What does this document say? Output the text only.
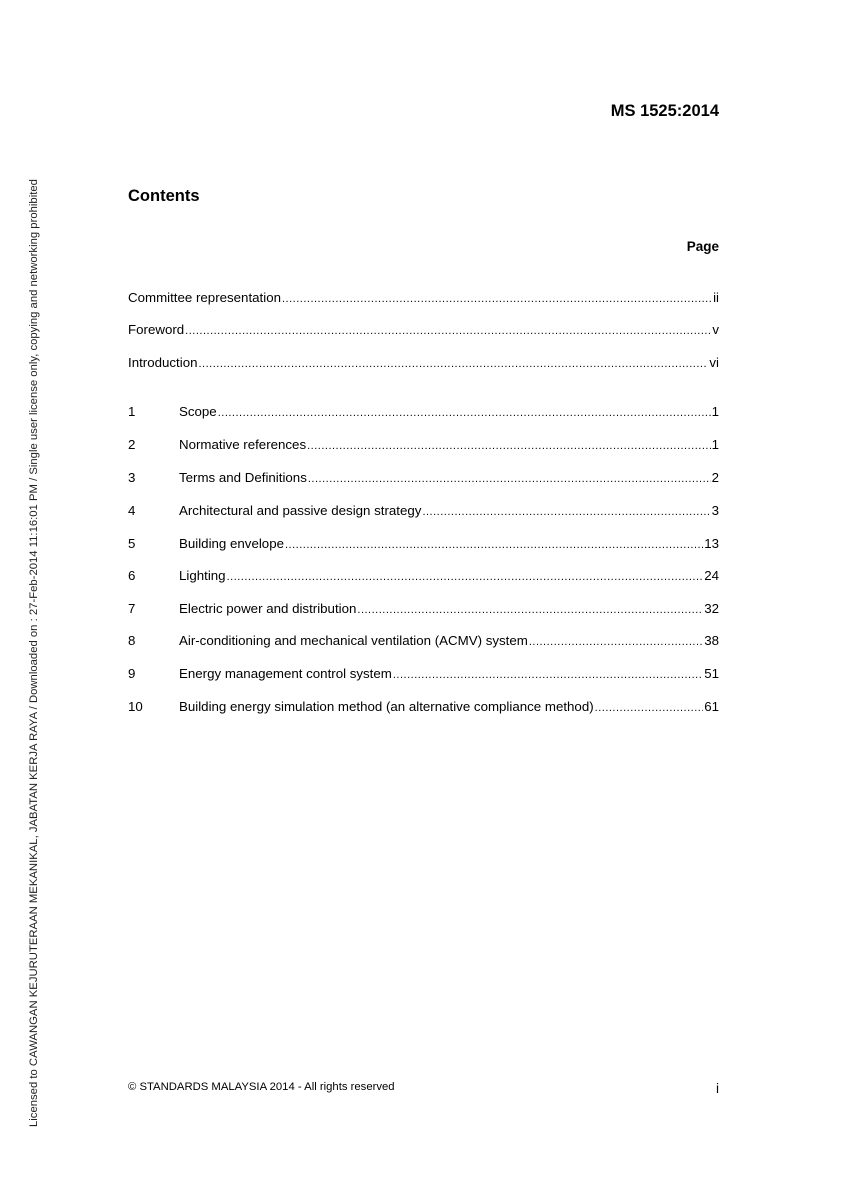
Licensed to CAWANGAN KEJURUTERAAN MEKANIKAL, JABATAN KERJA RAYA / Downloaded on : 27-Feb-2014 11:16:01 PM / Single user license only, copying and networking prohibited
MS 1525:2014
Contents
Page
Committee representation .....	ii
Foreword .....	v
Introduction .....	vi
1	Scope .....	1
2	Normative references .....	1
3	Terms and Definitions .....	2
4	Architectural and passive design strategy .....	3
5	Building envelope .....	13
6	Lighting .....	24
7	Electric power and distribution .....	32
8	Air-conditioning and mechanical ventilation (ACMV) system .....	38
9	Energy management control system .....	51
10	Building energy simulation method (an alternative compliance method) .....	61
© STANDARDS MALAYSIA 2014 - All rights reserved	i
